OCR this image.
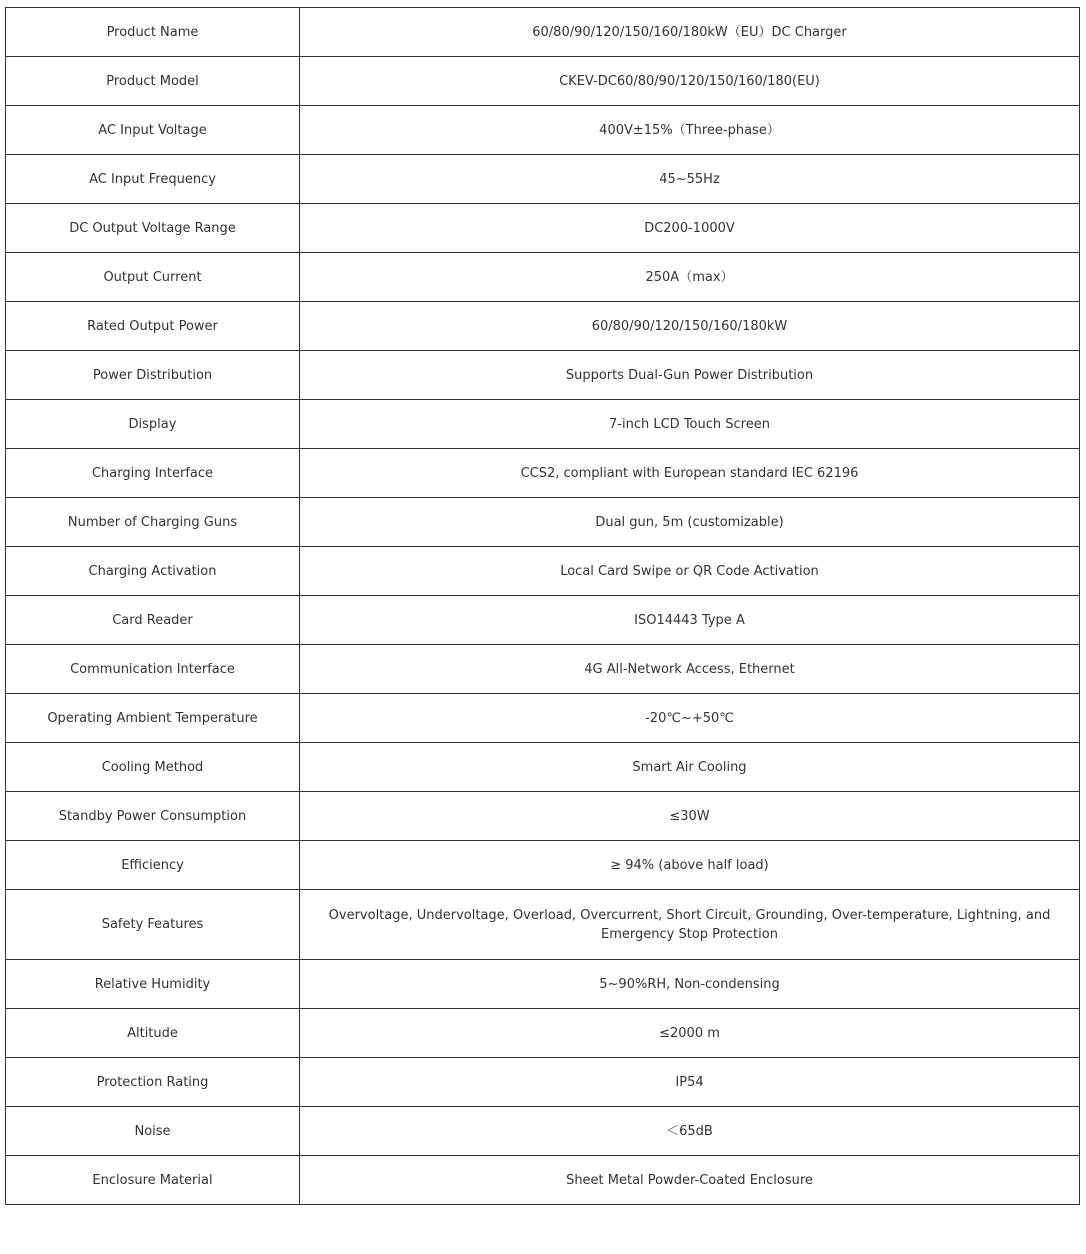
Product Name	60/80/90/120/150/160/180kW（EU）DC Charger
Product Model	CKEV-DC60/80/90/120/150/160/180(EU)
AC Input Voltage	400V±15%（Three-phase）
AC Input Frequency	45~55Hz
DC Output Voltage Range	DC200-1000V
Output Current	250A（max）
Rated Output Power	60/80/90/120/150/160/180kW
Power Distribution	Supports Dual-Gun Power Distribution
Display	7-inch LCD Touch Screen
Charging Interface	CCS2, compliant with European standard IEC 62196
Number of Charging Guns	Dual gun, 5m (customizable)
Charging Activation	Local Card Swipe or QR Code Activation
Card Reader	ISO14443 Type A
Communication Interface	4G All-Network Access, Ethernet
Operating Ambient Temperature	-20℃~+50℃
Cooling Method	Smart Air Cooling
Standby Power Consumption	≤30W
Efficiency	≥ 94% (above half load)
Safety Features	Overvoltage, Undervoltage, Overload, Overcurrent, Short Circuit, Grounding, Over-temperature, Lightning, and Emergency Stop Protection
Relative Humidity	5~90%RH, Non-condensing
Altitude	≤2000 m
Protection Rating	IP54
Noise	＜65dB
Enclosure Material	Sheet Metal Powder-Coated Enclosure
